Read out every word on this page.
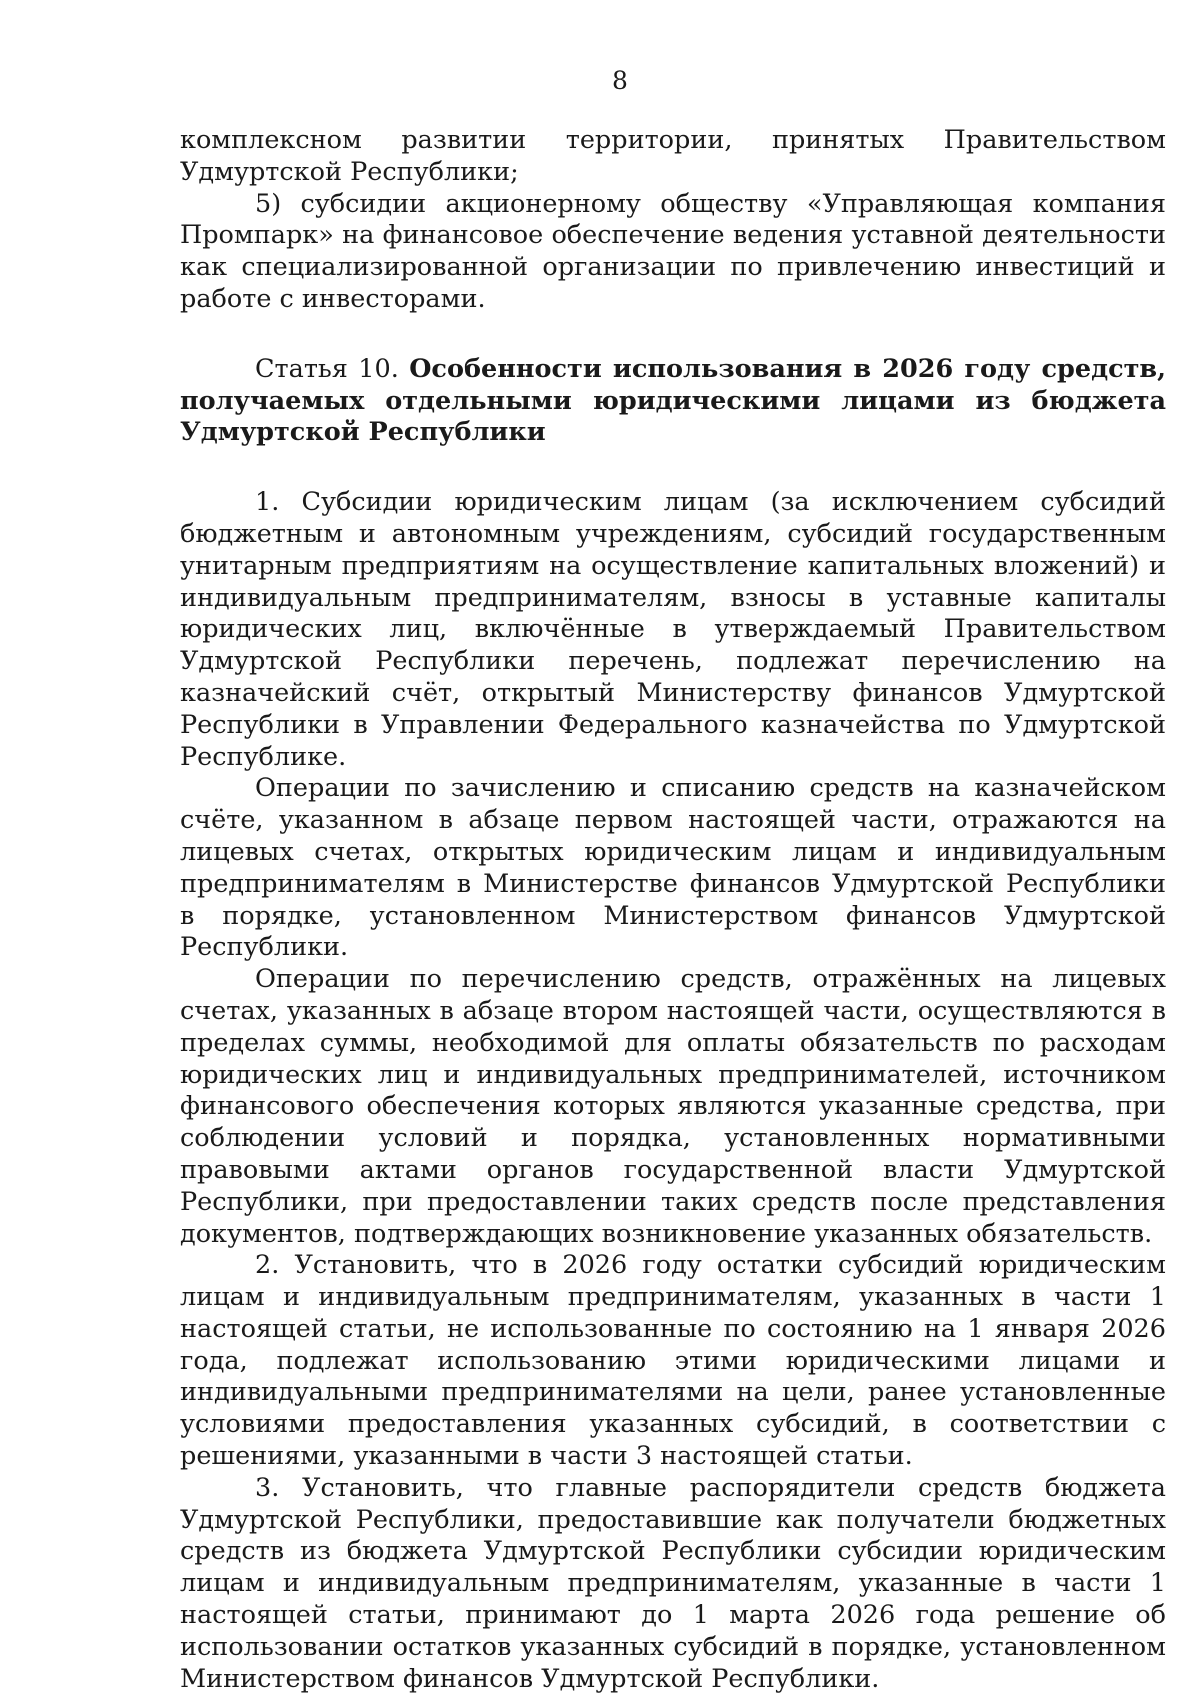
8

комплексном развитии территории, принятых Правительством Удмуртской Республики;

5) субсидии акционерному обществу «Управляющая компания Промпарк» на финансовое обеспечение ведения уставной деятельности как специализированной организации по привлечению инвестиций и работе с инвесторами.

Статья 10. Особенности использования в 2026 году средств, получаемых отдельными юридическими лицами из бюджета Удмуртской Республики

1. Субсидии юридическим лицам (за исключением субсидий бюджетным и автономным учреждениям, субсидий государственным унитарным предприятиям на осуществление капитальных вложений) и индивидуальным предпринимателям, взносы в уставные капиталы юридических лиц, включённые в утверждаемый Правительством Удмуртской Республики перечень, подлежат перечислению на казначейский счёт, открытый Министерству финансов Удмуртской Республики в Управлении Федерального казначейства по Удмуртской Республике.

Операции по зачислению и списанию средств на казначейском счёте, указанном в абзаце первом настоящей части, отражаются на лицевых счетах, открытых юридическим лицам и индивидуальным предпринимателям в Министерстве финансов Удмуртской Республики в порядке, установленном Министерством финансов Удмуртской Республики.

Операции по перечислению средств, отражённых на лицевых счетах, указанных в абзаце втором настоящей части, осуществляются в пределах суммы, необходимой для оплаты обязательств по расходам юридических лиц и индивидуальных предпринимателей, источником финансового обеспечения которых являются указанные средства, при соблюдении условий и порядка, установленных нормативными правовыми актами органов государственной власти Удмуртской Республики, при предоставлении таких средств после представления документов, подтверждающих возникновение указанных обязательств.

2. Установить, что в 2026 году остатки субсидий юридическим лицам и индивидуальным предпринимателям, указанных в части 1 настоящей статьи, не использованные по состоянию на 1 января 2026 года, подлежат использованию этими юридическими лицами и индивидуальными предпринимателями на цели, ранее установленные условиями предоставления указанных субсидий, в соответствии с решениями, указанными в части 3 настоящей статьи.

3. Установить, что главные распорядители средств бюджета Удмуртской Республики, предоставившие как получатели бюджетных средств из бюджета Удмуртской Республики субсидии юридическим лицам и индивидуальным предпринимателям, указанные в части 1 настоящей статьи, принимают до 1 марта 2026 года решение об использовании остатков указанных субсидий в порядке, установленном Министерством финансов Удмуртской Республики.
